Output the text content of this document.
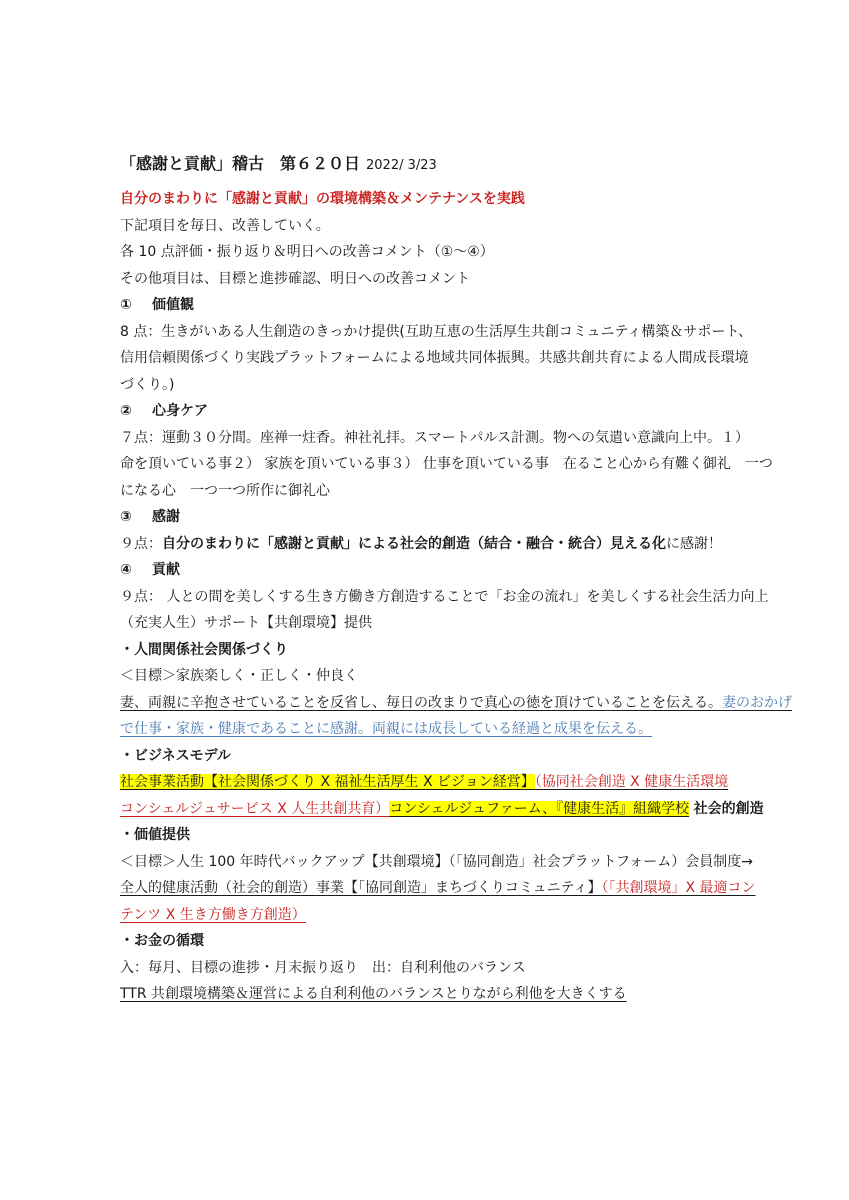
「感謝と貢献」稽古　第６２０日 2022/ 3/23
自分のまわりに「感謝と貢献」の環境構築＆メンテナンスを実践
下記項目を毎日、改善していく。
各 10 点評価・振り返り＆明日への改善コメント（①～④）
その他項目は、目標と進捗確認、明日への改善コメント
① 価値観
8 点：生きがいある人生創造のきっかけ提供(互助互恵の生活厚生共創コミュニティ構築＆サポート、
信用信頼関係づくり実践プラットフォームによる地域共同体振興。共感共創共育による人間成長環境
づくり。)
② 心身ケア
７点：運動３０分間。座禅一炷香。神社礼拝。スマートパルス計測。物への気遣い意識向上中。１）
命を頂いている事２） 家族を頂いている事３） 仕事を頂いている事　在ること心から有難く御礼　一つ
になる心　一つ一つ所作に御礼心
③ 感謝
９点：自分のまわりに「感謝と貢献」による社会的創造（結合・融合・統合）見える化に感謝！
④ 貢献
９点： 人との間を美しくする生き方働き方創造することで「お金の流れ」を美しくする社会生活力向上
（充実人生）サポート【共創環境】提供
・人間関係社会関係づくり
＜目標＞家族楽しく・正しく・仲良く
妻、両親に辛抱させていることを反省し、毎日の改まりで真心の徳を頂けていることを伝える。妻のおかげ
で仕事・家族・健康であることに感謝。両親には成長している経過と成果を伝える。
・ビジネスモデル
社会事業活動【社会関係づくり X 福祉生活厚生 X ビジョン経営】（協同社会創造 X 健康生活環境
コンシェルジュサービス X 人生共創共育）コンシェルジュファーム、『健康生活』組織学校 社会的創造
・価値提供
＜目標＞人生 100 年時代バックアップ【共創環境】（「協同創造」社会プラットフォーム）会員制度→
全人的健康活動（社会的創造）事業【「協同創造」まちづくりコミュニティ】（「共創環境」X 最適コン
テンツ X 生き方働き方創造）
・お金の循環
入：毎月、目標の進捗・月末振り返り　出：自利利他のバランス
TTR 共創環境構築＆運営による自利利他のバランスとりながら利他を大きくする
